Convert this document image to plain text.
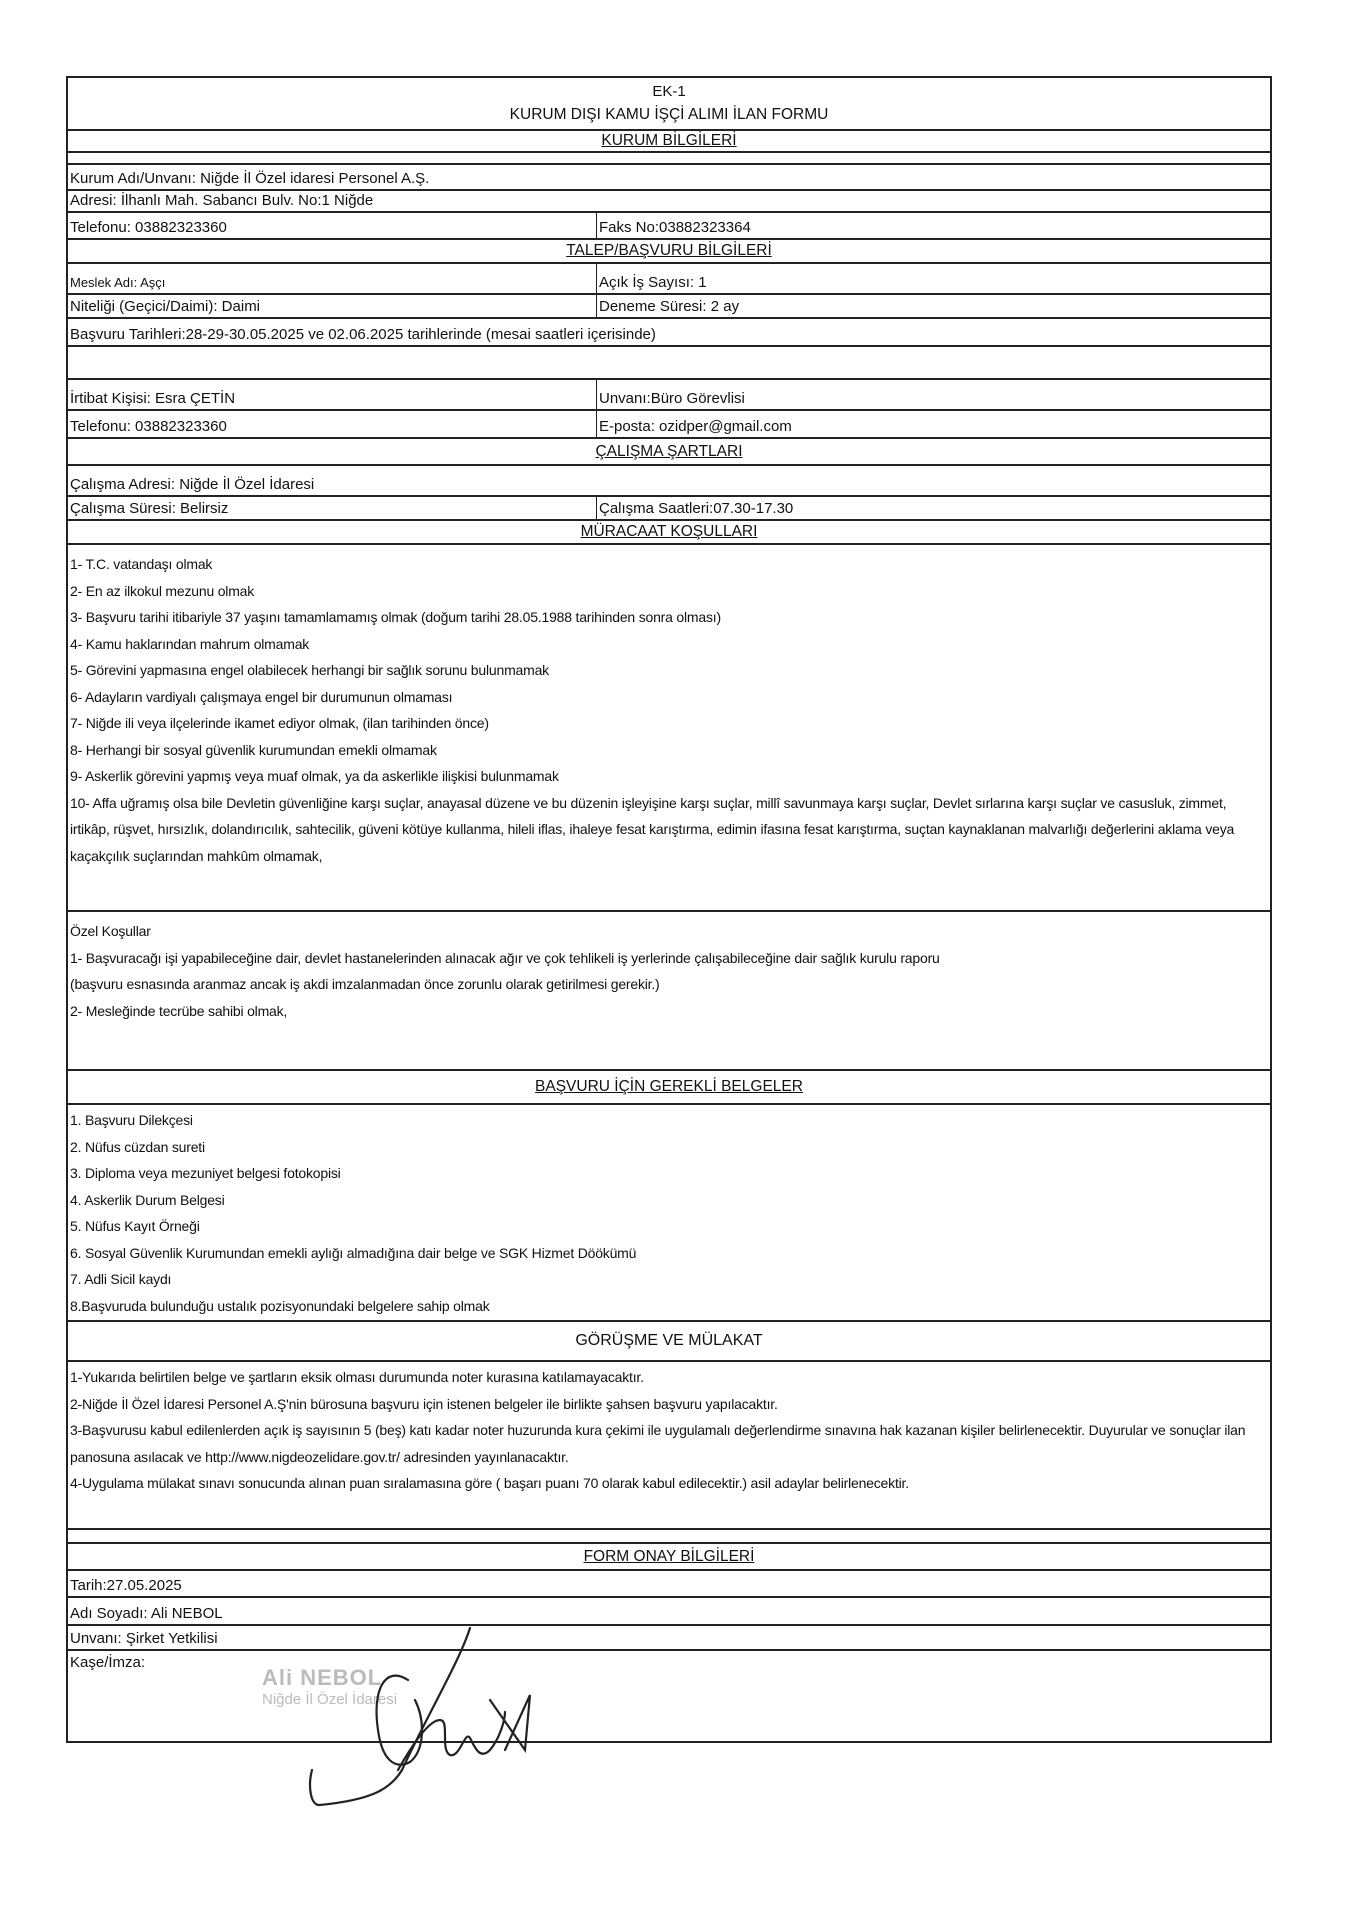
EK-1
KURUM DIŞI KAMU İŞÇİ ALIMI İLAN FORMU
KURUM BİLGİLERİ
Kurum Adı/Unvanı: Niğde İl Özel idaresi Personel A.Ş.
Adresi: İlhanlı Mah. Sabancı Bulv. No:1 Niğde
Telefonu: 03882323360	Faks No:03882323364
TALEP/BAŞVURU BİLGİLERİ
Meslek Adı: Aşçı	Açık İş Sayısı: 1
Niteliği (Geçici/Daimi): Daimi	Deneme Süresi: 2 ay
Başvuru Tarihleri:28-29-30.05.2025 ve 02.06.2025 tarihlerinde (mesai saatleri içerisinde)
İrtibat Kişisi: Esra ÇETİN	Unvanı:Büro Görevlisi
Telefonu: 03882323360	E-posta: ozidper@gmail.com
ÇALIŞMA ŞARTLARI
Çalışma Adresi: Niğde İl Özel İdaresi
Çalışma Süresi: Belirsiz	Çalışma Saatleri:07.30-17.30
MÜRACAAT KOŞULLARI
1- T.C. vatandaşı olmak
2- En az ilkokul mezunu olmak
3- Başvuru tarihi itibariyle 37 yaşını tamamlamamış olmak (doğum tarihi 28.05.1988 tarihinden sonra olması)
4- Kamu haklarından mahrum olmamak
5- Görevini yapmasına engel olabilecek herhangi bir sağlık sorunu bulunmamak
6- Adayların vardiyalı çalışmaya engel bir durumunun olmaması
7- Niğde ili veya ilçelerinde ikamet ediyor olmak, (ilan tarihinden önce)
8- Herhangi bir sosyal güvenlik kurumundan emekli olmamak
9- Askerlik görevini yapmış veya muaf olmak, ya da askerlikle ilişkisi bulunmamak
10- Affa uğramış olsa bile Devletin güvenliğine karşı suçlar, anayasal düzene ve bu düzenin işleyişine karşı suçlar, millî savunmaya karşı suçlar, Devlet sırlarına karşı suçlar ve casusluk, zimmet, irtikâp, rüşvet, hırsızlık, dolandırıcılık, sahtecilik, güveni kötüye kullanma, hileli iflas, ihaleye fesat karıştırma, edimin ifasına fesat karıştırma, suçtan kaynaklanan malvarlığı değerlerini aklama veya kaçakçılık suçlarından mahkûm olmamak,
Özel Koşullar
1- Başvuracağı işi yapabileceğine dair, devlet hastanelerinden alınacak ağır ve çok tehlikeli iş yerlerinde çalışabileceğine dair sağlık kurulu raporu
(başvuru esnasında aranmaz ancak iş akdi imzalanmadan önce zorunlu olarak getirilmesi gerekir.)
2- Mesleğinde tecrübe sahibi olmak,
BAŞVURU İÇİN GEREKLİ BELGELER
1. Başvuru Dilekçesi
2. Nüfus cüzdan sureti
3. Diploma veya mezuniyet belgesi fotokopisi
4. Askerlik Durum Belgesi
5. Nüfus Kayıt Örneği
6. Sosyal Güvenlik Kurumundan emekli aylığı almadığına dair belge ve SGK Hizmet Döökümü
7. Adli Sicil kaydı
8.Başvuruda bulunduğu ustalık pozisyonundaki belgelere sahip olmak
GÖRÜŞME VE MÜLAKAT
1-Yukarıda belirtilen belge ve şartların eksik olması durumunda noter kurasına katılamayacaktır.
2-Niğde İl Özel İdaresi Personel A.Ş'nin bürosuna başvuru için istenen belgeler ile birlikte şahsen başvuru yapılacaktır.
3-Başvurusu kabul edilenlerden açık iş sayısının 5 (beş) katı kadar noter huzurunda kura çekimi ile uygulamalı değerlendirme sınavına hak kazanan kişiler belirlenecektir. Duyurular ve sonuçlar ilan panosuna asılacak ve http://www.nigdeozelidare.gov.tr/ adresinden yayınlanacaktır.
4-Uygulama mülakat sınavı sonucunda alınan puan sıralamasına göre ( başarı puanı 70 olarak kabul edilecektir.) asil adaylar belirlenecektir.
FORM ONAY BİLGİLERİ
Tarih:27.05.2025
Adı Soyadı: Ali NEBOL
Unvanı: Şirket Yetkilisi
Kaşe/İmza:
Ali NEBOL
Niğde İl Özel İdaresi
